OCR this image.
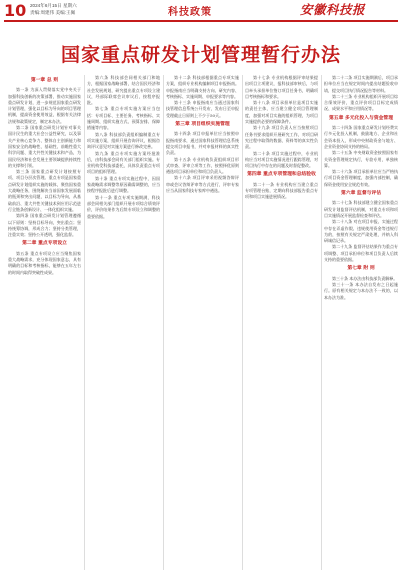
10 2024年6月15日 星期六
责编:周建伟 美编:王佩	科技政策	安徽科技报
国家重点研发计划管理暂行办法
第一章 总 则

第一条 为深入贯彻落实党中央关于加强科技创新的决策部署，推动实施国家重点研发计划，进一步规范国家重点研发计划管理，强化以目标为导向的项目管理机制，提高资金使用效益，根据有关法律法规和政策规定，制定本办法。

第二条 国家重点研发计划针对事关国计民生的重大社会公益性研究，以及事关产业核心竞争力、整体自主创新能力和国家安全的战略性、基础性、前瞻性重大科学问题、重大共性关键技术和产品，为国民经济和社会发展主要领域提供持续性的支撑和引领。

第三条 国家重点研发计划按照专项、项目分层次管理。重点专项是国家重点研发计划组织实施的载体，聚焦国家重大战略任务，围绕解决当前国家发展面临的瓶颈和突出问题，以目标为导向，从基础前沿、重大共性关键技术到应用示范进行全链条创新设计、一体化组织实施。

第四条 国家重点研发计划管理遵循以下原则：坚持目标导向，突出重点；坚持统筹协调，形成合力；坚持分类管理，注重实效；坚持公开透明，强化监督。

第二章 重点专项设立

第五条 重点专项设立应当聚焦国家重大战略需求，充分体现国家意志，具有明确的目标和考核指标，能够在五年左右的时间内取得突破性成果。

第六条 科技部会同相关部门和地方，根据国家战略部署，结合国民经济和社会发展规划，研究提出重点专项设立建议，经部际联席会议审议后，按程序报批。

第七条 重点专项实施方案应当包括：专项目标、主要任务、考核指标、实施周期、组织实施方式、预算安排、保障措施等内容。

第八条 科技部负责组织编制重点专项实施方案，组织开展咨询评议，根据咨询评议意见对实施方案进行修改完善。

第九条 重点专项实施方案经批准后，由科技部会同有关部门组织实施。专业机构受科技部委托，具体负责重点专项项目的组织管理。

第十条 重点专项实施过程中，因国家战略需求调整等原因确需调整的，应当按程序报批后进行调整。

第十一条 重点专项实施期满，科技部会同相关部门组织开展专项综合绩效评价，评价结果作为后续专项设立和调整的重要依据。

第十二条 科技部根据重点专项实施方案，组织专业机构编制项目申报指南。申报指南应当明确支持方向、研究内容、考核指标、实施周期、申报要求等内容。

第十三条 申报指南应当通过国家科技管理信息系统公开发布，发布日至申报受理截止日原则上不少于50天。

第三章 项目组织实施管理

第十四条 项目申报单位应当按照申报指南要求，通过国家科技管理信息系统提交项目申报书，并对申报材料的真实性负责。

第十五条 专业机构负责组织项目形式审查、评审立项等工作，按照择优原则遴选项目承担单位和项目负责人。

第十六条 项目评审采用视频答辩评审或会议答辩评审等方式进行，评审专家应当从国家科技专家库中遴选。

第十七条 专业机构根据评审结果提出项目立项建议，报科技部审核后，与项目牵头承担单位签订项目任务书，明确项目考核指标和要求。

第十八条 项目承担单位是项目实施的责任主体，应当建立健全项目管理制度，加强对项目实施的组织管理，为项目实施提供必要的保障条件。

第十九条 项目负责人应当按照项目任务书要求组织开展研究工作，对项目研究过程中取得的数据、资料等的真实性负责。

第二十条 项目实施过程中，专业机构应当对项目实施情况进行跟踪管理，对项目执行中存在的问题及时督促整改。

第四章 重点专项管理和总结验收

第二十一条 专业机构应当建立重点专项管理台账，定期向科技部报告重点专项和项目实施进展情况。

第二十二条 项目实施期满后，项目承担单位应当在规定时间内提出结题验收申请，提交项目执行情况报告等材料。

第二十三条 专业机构组织开展项目综合绩效评价，重点评价项目目标完成情况、成果水平和应用情况等。

第五章 多元化投入与资金管理

第二十四条 国家重点研发计划经费实行多元化投入机制，鼓励地方、企业和社会资本投入，形成中央财政资金与地方、企业资金协同支持的格局。

第二十五条 中央财政资金按照国家有关资金管理规定执行，专款专用，单独核算。

第二十六条 项目承担单位应当严格执行项目资金管理制度，加强内部控制，确保资金使用安全规范有效。

第六章 监督与评估

第二十七条 科技部建立健全国家重点研发计划监督评估机制，对重点专项和项目实施情况开展监督检查和评估。

第二十八条 对在项目申报、实施过程中存在弄虚作假、违规使用资金等违规行为的，按照有关规定严肃处理，并纳入科研诚信记录。

第二十九条 监督评估结果作为重点专项调整、项目承担单位和项目负责人后续支持的重要依据。

第七章 附 则

第三十条 本办法由科技部负责解释。

第三十一条 本办法自发布之日起施行。原有相关规定与本办法不一致的，以本办法为准。
